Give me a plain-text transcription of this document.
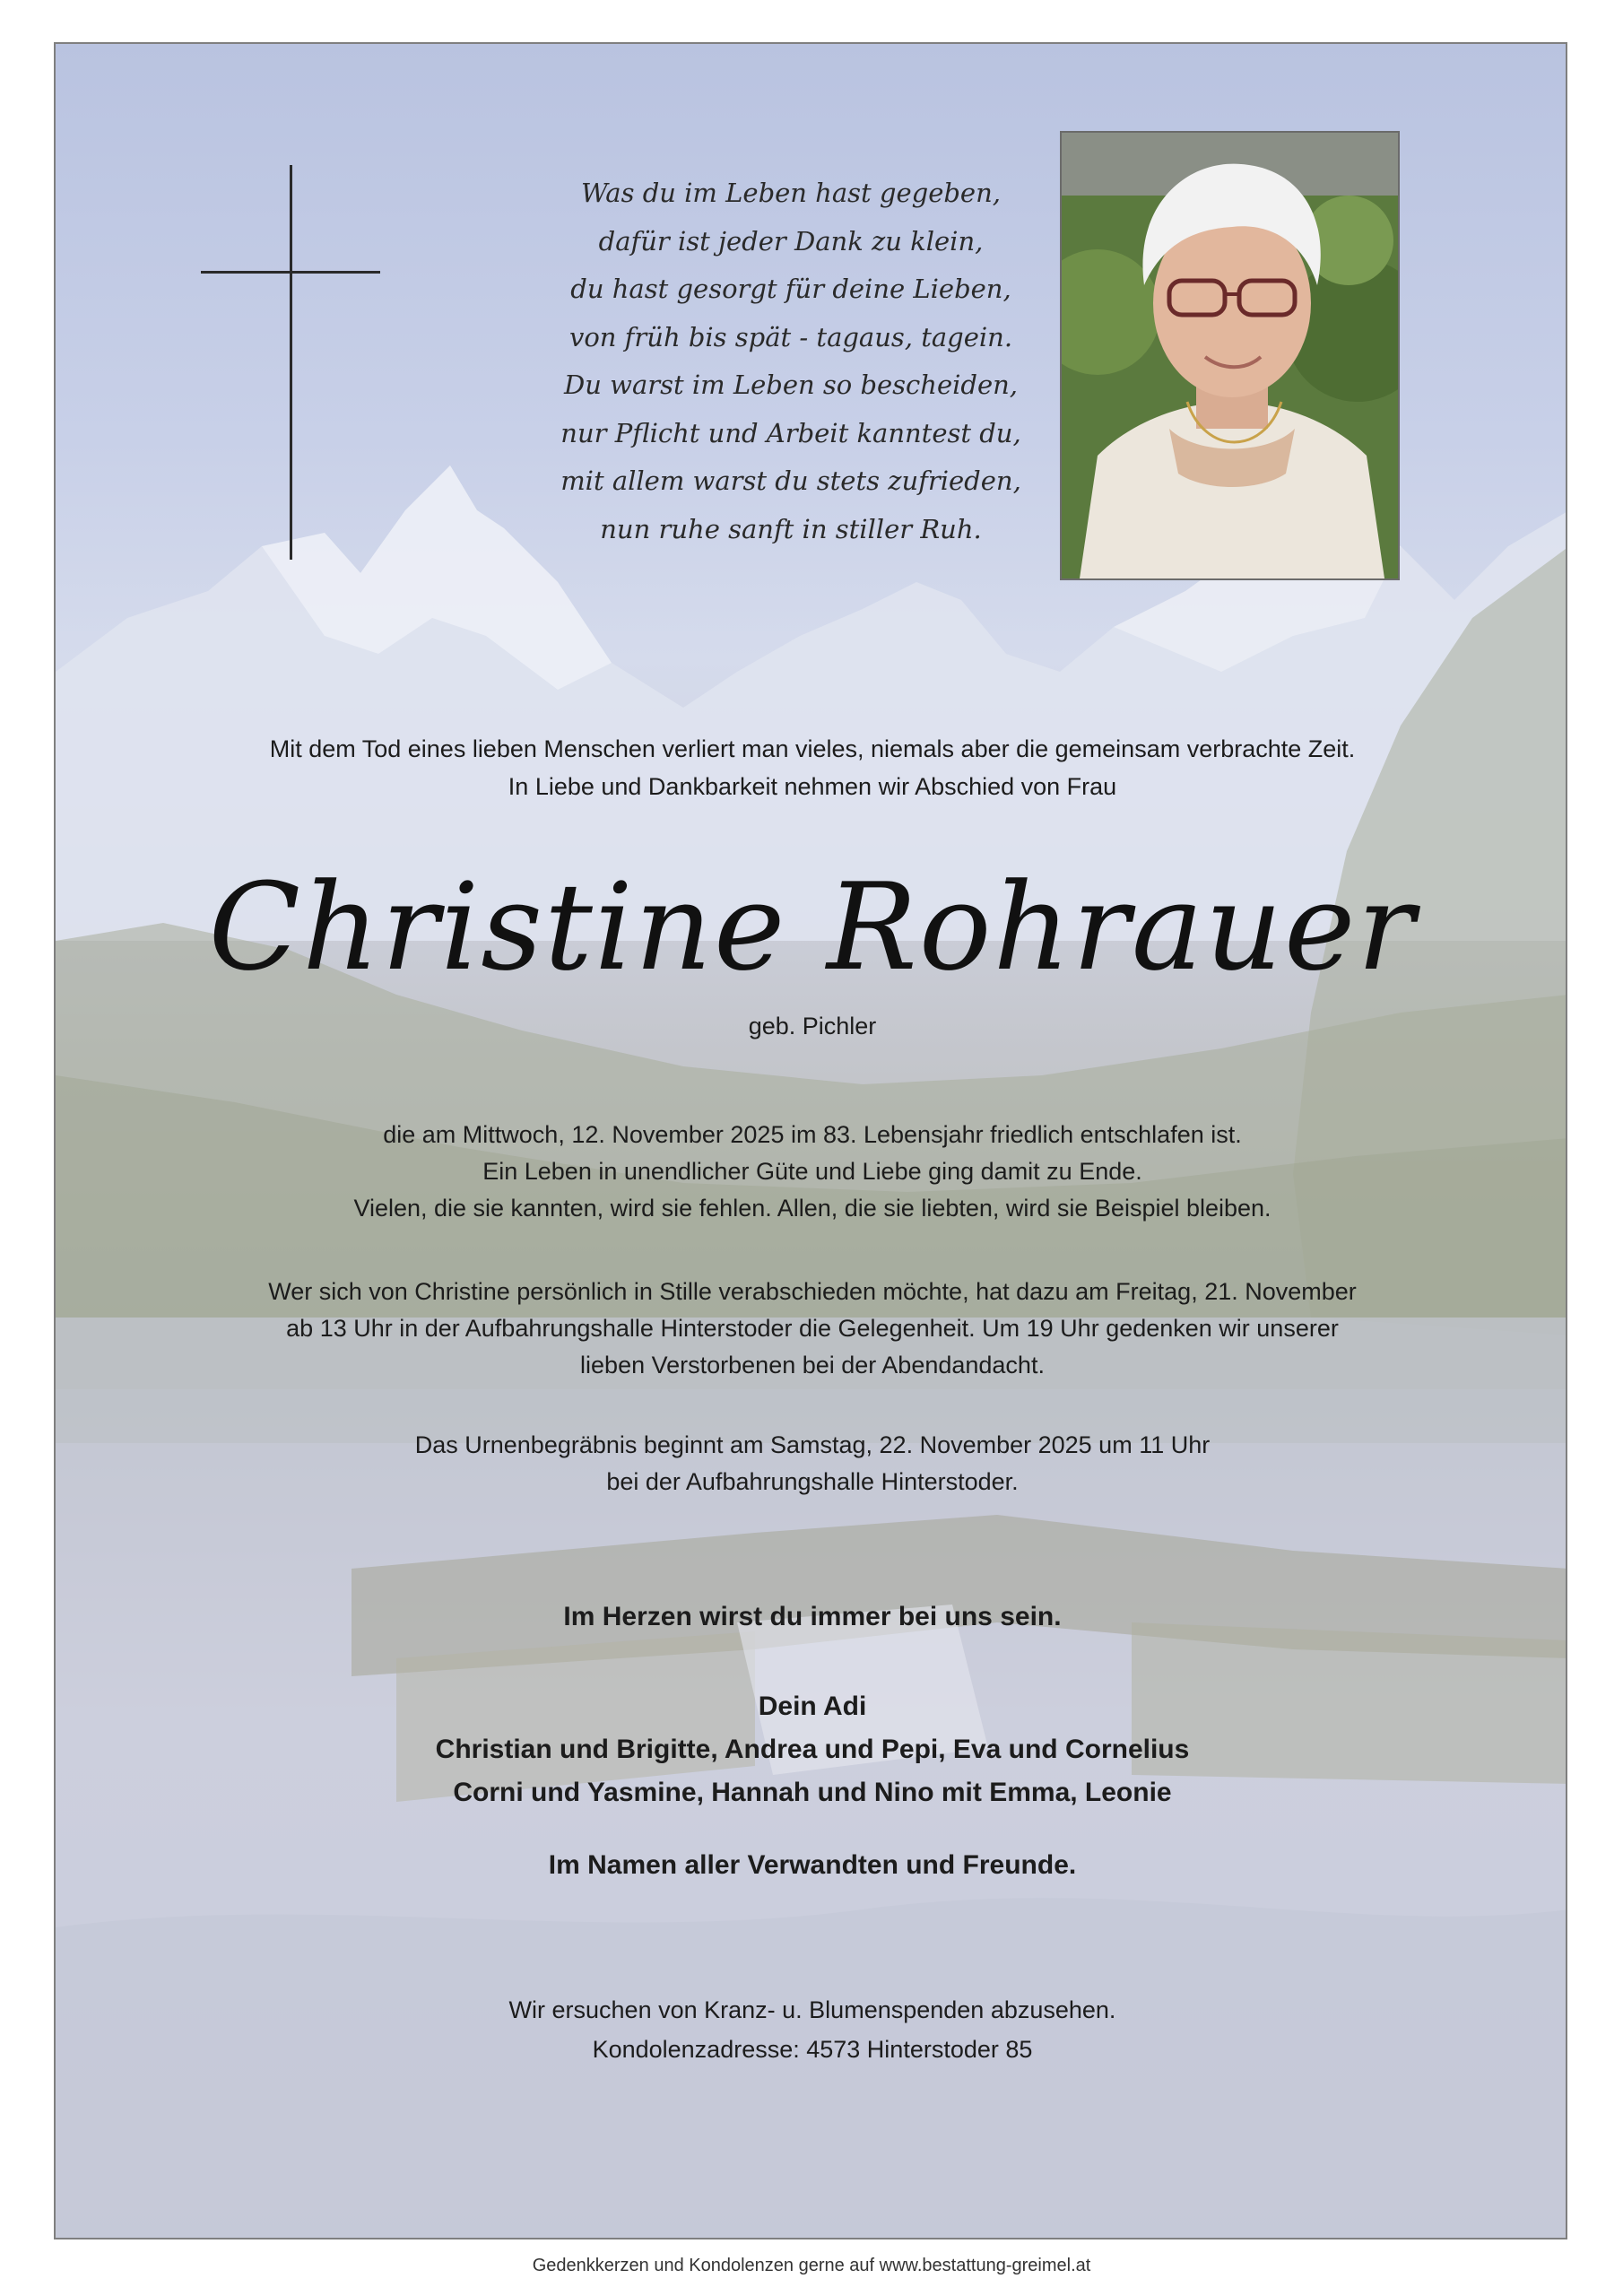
Was du im Leben hast gegeben,
dafür ist jeder Dank zu klein,
du hast gesorgt für deine Lieben,
von früh bis spät - tagaus, tagein.
Du warst im Leben so bescheiden,
nur Pflicht und Arbeit kanntest du,
mit allem warst du stets zufrieden,
nun ruhe sanft in stiller Ruh.
Mit dem Tod eines lieben Menschen verliert man vieles, niemals aber die gemeinsam verbrachte Zeit.
In Liebe und Dankbarkeit nehmen wir Abschied von Frau
Christine Rohrauer
geb. Pichler
die am Mittwoch, 12. November 2025 im 83. Lebensjahr friedlich entschlafen ist.
Ein Leben in unendlicher Güte und Liebe ging damit zu Ende.
Vielen, die sie kannten, wird sie fehlen. Allen, die sie liebten, wird sie Beispiel bleiben.
Wer sich von Christine persönlich in Stille verabschieden möchte, hat dazu am Freitag, 21. November
ab 13 Uhr in der Aufbahrungshalle Hinterstoder die Gelegenheit. Um 19 Uhr gedenken wir unserer
lieben Verstorbenen bei der Abendandacht.
Das Urnenbegräbnis beginnt am Samstag, 22. November 2025 um 11 Uhr
bei der Aufbahrungshalle Hinterstoder.
Im Herzen wirst du immer bei uns sein.
Dein Adi
Christian und Brigitte, Andrea und Pepi, Eva und Cornelius
Corni und Yasmine, Hannah und Nino mit Emma, Leonie
Im Namen aller Verwandten und Freunde.
Wir ersuchen von Kranz- u. Blumenspenden abzusehen.
Kondolenzadresse: 4573 Hinterstoder 85
Gedenkkerzen und Kondolenzen gerne auf www.bestattung-greimel.at
